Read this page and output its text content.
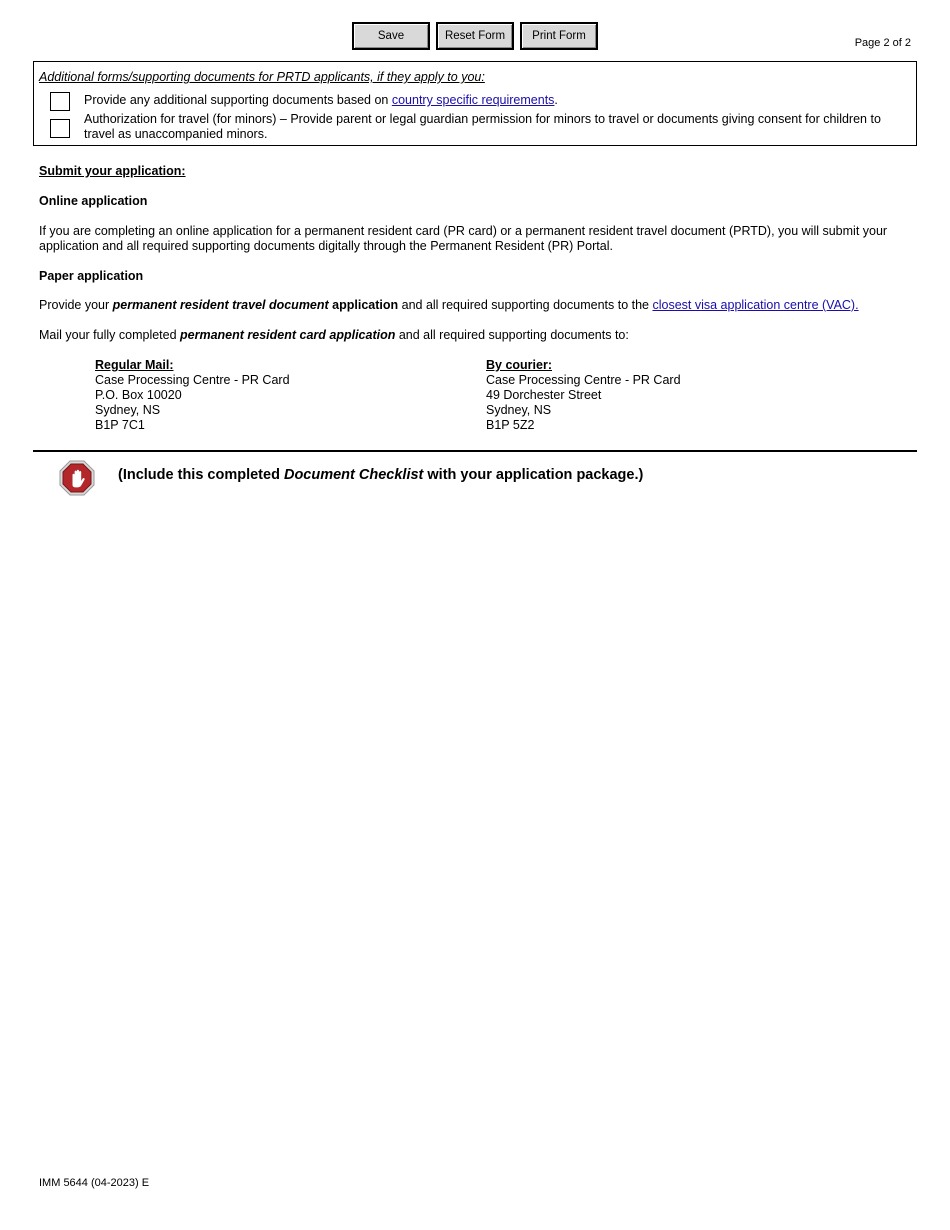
Save	Reset Form	Print Form
Page 2 of 2
Additional forms/supporting documents for PRTD applicants, if they apply to you:
Provide any additional supporting documents based on country specific requirements.
Authorization for travel (for minors) – Provide parent or legal guardian permission for minors to travel or documents giving consent for children to travel as unaccompanied minors.
Submit your application:
Online application
If you are completing an online application for a permanent resident card (PR card) or a permanent resident travel document (PRTD), you will submit your application and all required supporting documents digitally through the Permanent Resident (PR) Portal.
Paper application
Provide your permanent resident travel document application and all required supporting documents to the closest visa application centre (VAC).
Mail your fully completed permanent resident card application and all required supporting documents to:
Regular Mail:
Case Processing Centre - PR Card
P.O. Box 10020
Sydney, NS
B1P 7C1
By courier:
Case Processing Centre - PR Card
49 Dorchester Street
Sydney, NS
B1P 5Z2
(Include this completed Document Checklist with your application package.)
IMM 5644 (04-2023) E
